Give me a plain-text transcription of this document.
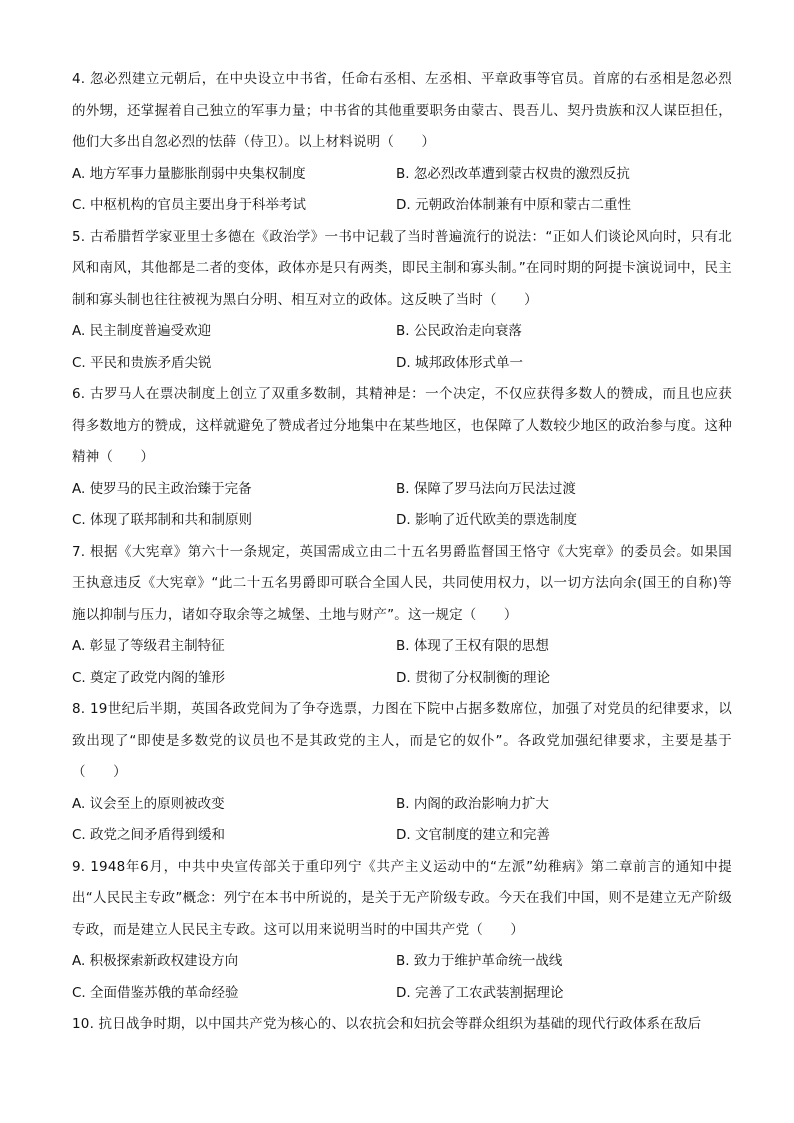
4. 忽必烈建立元朝后，在中央设立中书省，任命右丞相、左丞相、平章政事等官员。首席的右丞相是忽必烈的外甥，还掌握着自己独立的军事力量；中书省的其他重要职务由蒙古、畏吾儿、契丹贵族和汉人谋臣担任，他们大多出自忽必烈的怯薛（侍卫）。以上材料说明（　　）

A. 地方军事力量膨胀削弱中央集权制度	B. 忽必烈改革遭到蒙古权贵的激烈反抗
C. 中枢机构的官员主要出身于科举考试	D. 元朝政治体制兼有中原和蒙古二重性

5. 古希腊哲学家亚里士多德在《政治学》一书中记载了当时普遍流行的说法：“正如人们谈论风向时，只有北风和南风，其他都是二者的变体，政体亦是只有两类，即民主制和寡头制。”在同时期的阿提卡演说词中，民主制和寡头制也往往被视为黑白分明、相互对立的政体。这反映了当时（　　）

A. 民主制度普遍受欢迎	B. 公民政治走向衰落
C. 平民和贵族矛盾尖锐	D. 城邦政体形式单一

6. 古罗马人在票决制度上创立了双重多数制，其精神是：一个决定，不仅应获得多数人的赞成，而且也应获得多数地方的赞成，这样就避免了赞成者过分地集中在某些地区，也保障了人数较少地区的政治参与度。这种精神（　　）

A. 使罗马的民主政治臻于完备	B. 保障了罗马法向万民法过渡
C. 体现了联邦制和共和制原则	D. 影响了近代欧美的票选制度

7. 根据《大宪章》第六十一条规定，英国需成立由二十五名男爵监督国王恪守《大宪章》的委员会。如果国王执意违反《大宪章》“此二十五名男爵即可联合全国人民，共同使用权力，以一切方法向余(国王的自称)等施以抑制与压力，诸如夺取余等之城堡、土地与财产”。这一规定（　　）

A. 彰显了等级君主制特征	B. 体现了王权有限的思想
C. 奠定了政党内阁的雏形	D. 贯彻了分权制衡的理论

8. 19世纪后半期，英国各政党间为了争夺选票，力图在下院中占据多数席位，加强了对党员的纪律要求，以致出现了“即使是多数党的议员也不是其政党的主人，而是它的奴仆”。各政党加强纪律要求，主要是基于（　　）

A. 议会至上的原则被改变	B. 内阁的政治影响力扩大
C. 政党之间矛盾得到缓和	D. 文官制度的建立和完善

9. 1948年6月，中共中央宣传部关于重印列宁《共产主义运动中的“左派”幼稚病》第二章前言的通知中提出“人民民主专政”概念：列宁在本书中所说的，是关于无产阶级专政。今天在我们中国，则不是建立无产阶级专政，而是建立人民民主专政。这可以用来说明当时的中国共产党（　　）

A. 积极探索新政权建设方向	B. 致力于维护革命统一战线
C. 全面借鉴苏俄的革命经验	D. 完善了工农武装割据理论

10. 抗日战争时期，以中国共产党为核心的、以农抗会和妇抗会等群众组织为基础的现代行政体系在敌后
